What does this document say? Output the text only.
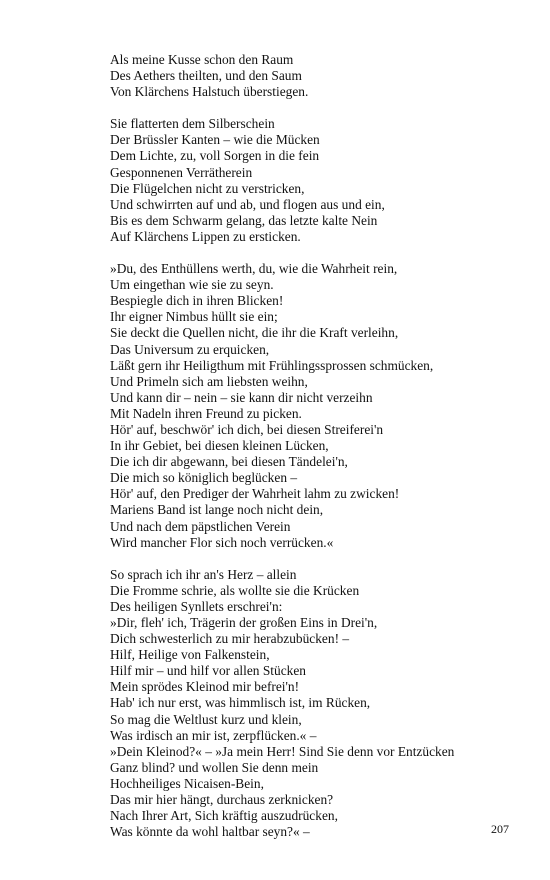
Als meine Kusse schon den Raum
Des Aethers theilten, und den Saum
Von Klärchens Halstuch überstiegen.
Sie flatterten dem Silberschein
Der Brüssler Kanten – wie die Mücken
Dem Lichte, zu, voll Sorgen in die fein
Gesponnenen Verrätherein
Die Flügelchen nicht zu verstricken,
Und schwirrten auf und ab, und flogen aus und ein,
Bis es dem Schwarm gelang, das letzte kalte Nein
Auf Klärchens Lippen zu ersticken.
»Du, des Enthüllens werth, du, wie die Wahrheit rein,
Um eingethan wie sie zu seyn.
Bespiegle dich in ihren Blicken!
Ihr eigner Nimbus hüllt sie ein;
Sie deckt die Quellen nicht, die ihr die Kraft verleihn,
Das Universum zu erquicken,
Läßt gern ihr Heiligthum mit Frühlingssprossen schmücken,
Und Primeln sich am liebsten weihn,
Und kann dir – nein – sie kann dir nicht verzeihn
Mit Nadeln ihren Freund zu picken.
Hör' auf, beschwör' ich dich, bei diesen Streiferei'n
In ihr Gebiet, bei diesen kleinen Lücken,
Die ich dir abgewann, bei diesen Tändelei'n,
Die mich so königlich beglücken –
Hör' auf, den Prediger der Wahrheit lahm zu zwicken!
Mariens Band ist lange noch nicht dein,
Und nach dem päpstlichen Verein
Wird mancher Flor sich noch verrücken.«
So sprach ich ihr an's Herz – allein
Die Fromme schrie, als wollte sie die Krücken
Des heiligen Synllets erschrei'n:
»Dir, fleh' ich, Trägerin der großen Eins in Drei'n,
Dich schwesterlich zu mir herabzubücken! –
Hilf, Heilige von Falkenstein,
Hilf mir – und hilf vor allen Stücken
Mein sprödes Kleinod mir befrei'n!
Hab' ich nur erst, was himmlisch ist, im Rücken,
So mag die Weltlust kurz und klein,
Was irdisch an mir ist, zerpflücken.« –
»Dein Kleinod?« – »Ja mein Herr! Sind Sie denn vor Entzücken
Ganz blind? und wollen Sie denn mein
Hochheiliges Nicaisen-Bein,
Das mir hier hängt, durchaus zerknicken?
Nach Ihrer Art, Sich kräftig auszudrücken,
Was könnte da wohl haltbar seyn?« –	207
